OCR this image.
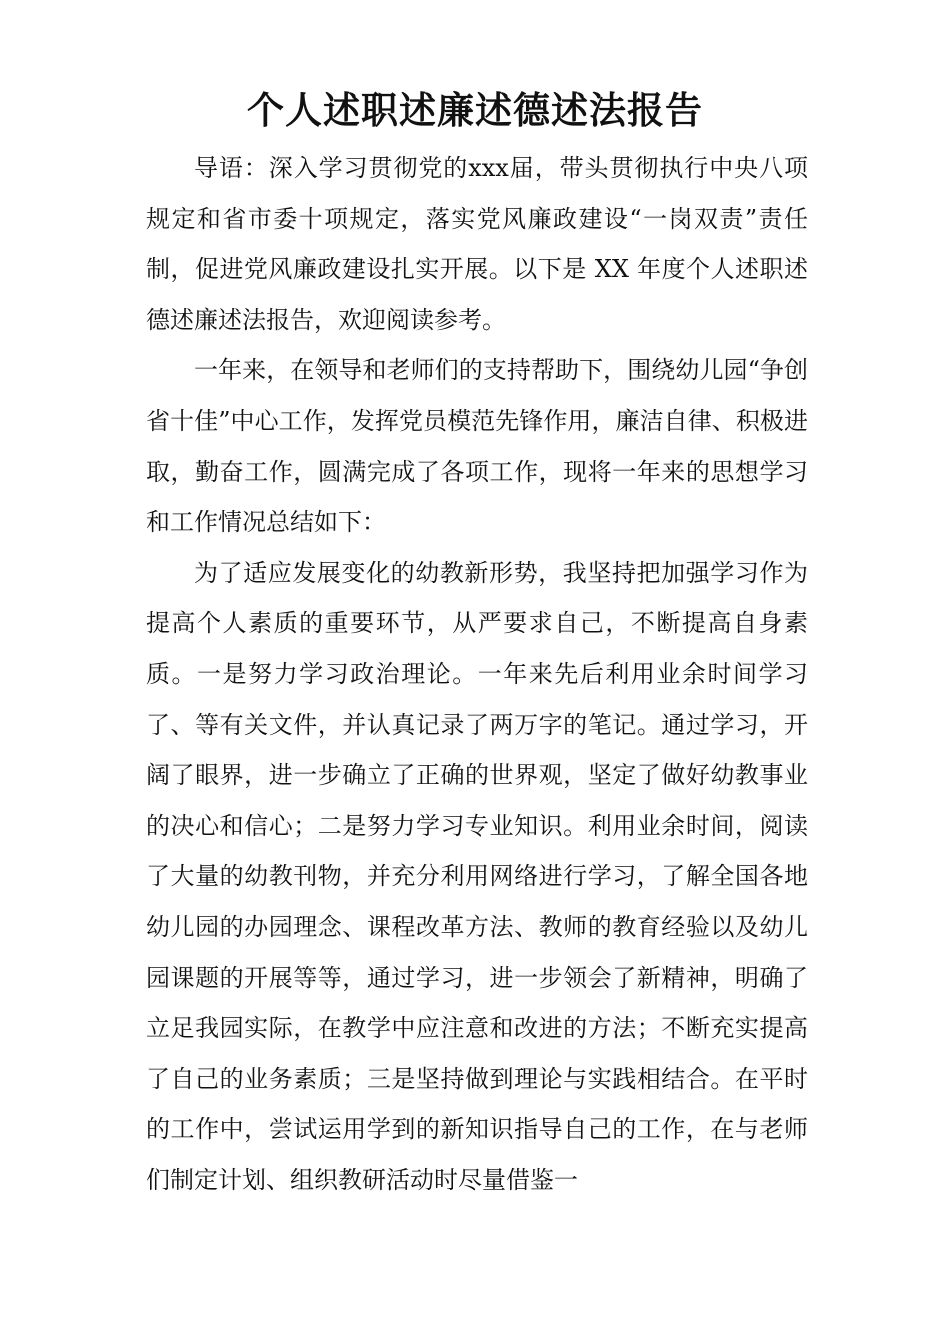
个人述职述廉述德述法报告

导语：深入学习贯彻党的xxx届，带头贯彻执行中央八项规定和省市委十项规定，落实党风廉政建设“一岗双责”责任制，促进党风廉政建设扎实开展。以下是 XX 年度个人述职述德述廉述法报告，欢迎阅读参考。

一年来，在领导和老师们的支持帮助下，围绕幼儿园“争创省十佳”中心工作，发挥党员模范先锋作用，廉洁自律、积极进取，勤奋工作，圆满完成了各项工作，现将一年来的思想学习和工作情况总结如下：

为了适应发展变化的幼教新形势，我坚持把加强学习作为提高个人素质的重要环节，从严要求自己，不断提高自身素质。一是努力学习政治理论。一年来先后利用业余时间学习了、等有关文件，并认真记录了两万字的笔记。通过学习，开阔了眼界，进一步确立了正确的世界观，坚定了做好幼教事业的决心和信心；二是努力学习专业知识。利用业余时间，阅读了大量的幼教刊物，并充分利用网络进行学习，了解全国各地幼儿园的办园理念、课程改革方法、教师的教育经验以及幼儿园课题的开展等等，通过学习，进一步领会了新精神，明确了立足我园实际，在教学中应注意和改进的方法；不断充实提高了自己的业务素质；三是坚持做到理论与实践相结合。在平时的工作中，尝试运用学到的新知识指导自己的工作，在与老师们制定计划、组织教研活动时尽量借鉴一
